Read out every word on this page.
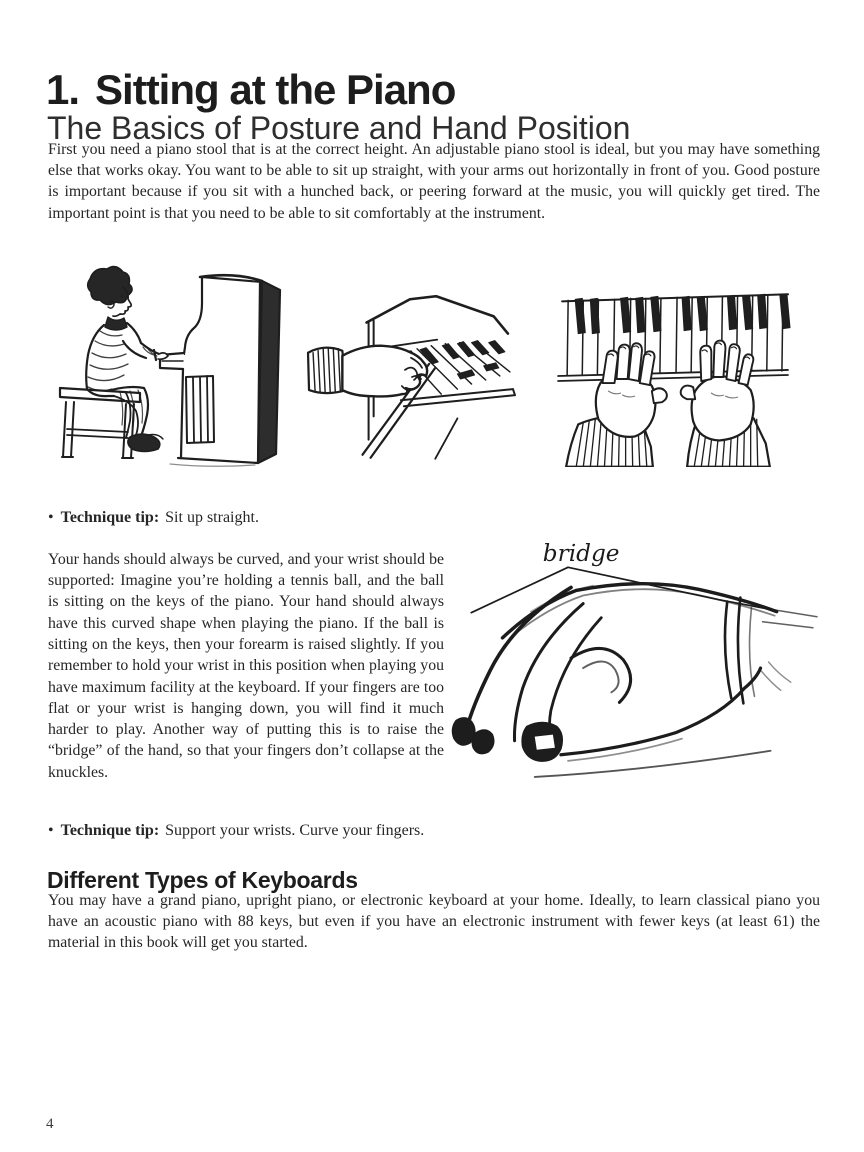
1. Sitting at the Piano
The Basics of Posture and Hand Position

First you need a piano stool that is at the correct height. An adjustable piano stool is ideal, but you may have something else that works okay. You want to be able to sit up straight, with your arms out horizontally in front of you. Good posture is important because if you sit with a hunched back, or peering forward at the music, you will quickly get tired. The important point is that you need to be able to sit comfortably at the instrument.

• Technique tip: Sit up straight.

Your hands should always be curved, and your wrist should be supported: Imagine you’re holding a tennis ball, and the ball is sitting on the keys of the piano. Your hand should always have this curved shape when playing the piano. If the ball is sitting on the keys, then your forearm is raised slightly. If you remember to hold your wrist in this position when playing you have maximum facility at the keyboard. If your fingers are too flat or your wrist is hanging down, you will find it much harder to play. Another way of putting this is to raise the “bridge” of the hand, so that your fingers don’t collapse at the knuckles.

bridge

• Technique tip: Support your wrists. Curve your fingers.

Different Types of Keyboards

You may have a grand piano, upright piano, or electronic keyboard at your home. Ideally, to learn classical piano you have an acoustic piano with 88 keys, but even if you have an electronic instrument with fewer keys (at least 61) the material in this book will get you started.

4
